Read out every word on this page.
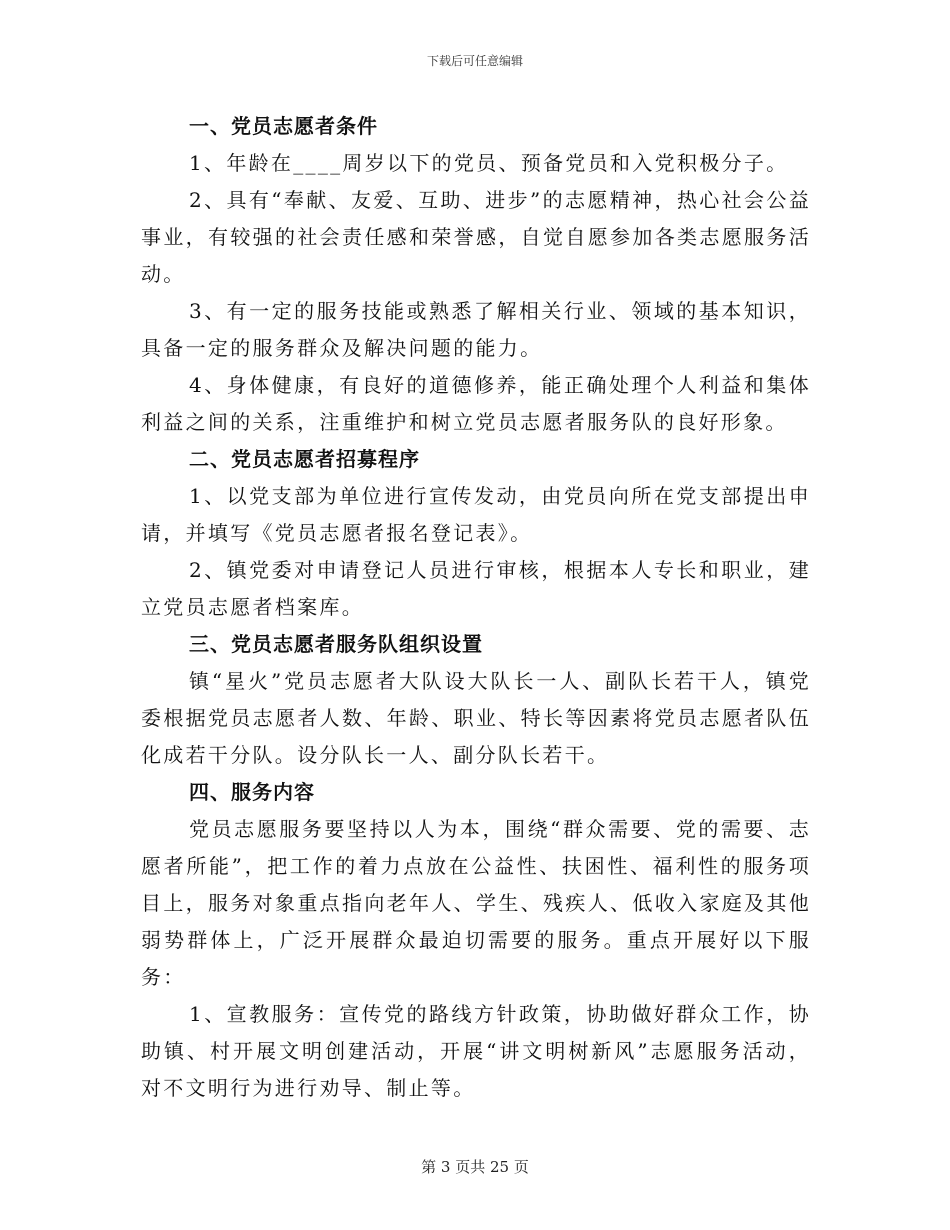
下载后可任意编辑
一、党员志愿者条件

1、年龄在____周岁以下的党员、预备党员和入党积极分子。

2、具有“奉献、友爱、互助、进步”的志愿精神，热心社会公益事业，有较强的社会责任感和荣誉感，自觉自愿参加各类志愿服务活动。

3、有一定的服务技能或熟悉了解相关行业、领域的基本知识，具备一定的服务群众及解决问题的能力。

4、身体健康，有良好的道德修养，能正确处理个人利益和集体利益之间的关系，注重维护和树立党员志愿者服务队的良好形象。

二、党员志愿者招募程序

1、以党支部为单位进行宣传发动，由党员向所在党支部提出申请，并填写《党员志愿者报名登记表》。

2、镇党委对申请登记人员进行审核，根据本人专长和职业，建立党员志愿者档案库。

三、党员志愿者服务队组织设置

镇“星火”党员志愿者大队设大队长一人、副队长若干人，镇党委根据党员志愿者人数、年龄、职业、特长等因素将党员志愿者队伍化成若干分队。设分队长一人、副分队长若干。

四、服务内容

党员志愿服务要坚持以人为本，围绕“群众需要、党的需要、志愿者所能”，把工作的着力点放在公益性、扶困性、福利性的服务项目上，服务对象重点指向老年人、学生、残疾人、低收入家庭及其他弱势群体上，广泛开展群众最迫切需要的服务。重点开展好以下服务：

1、宣教服务：宣传党的路线方针政策，协助做好群众工作，协助镇、村开展文明创建活动，开展“讲文明树新风”志愿服务活动，对不文明行为进行劝导、制止等。

第 3 页共 25 页
